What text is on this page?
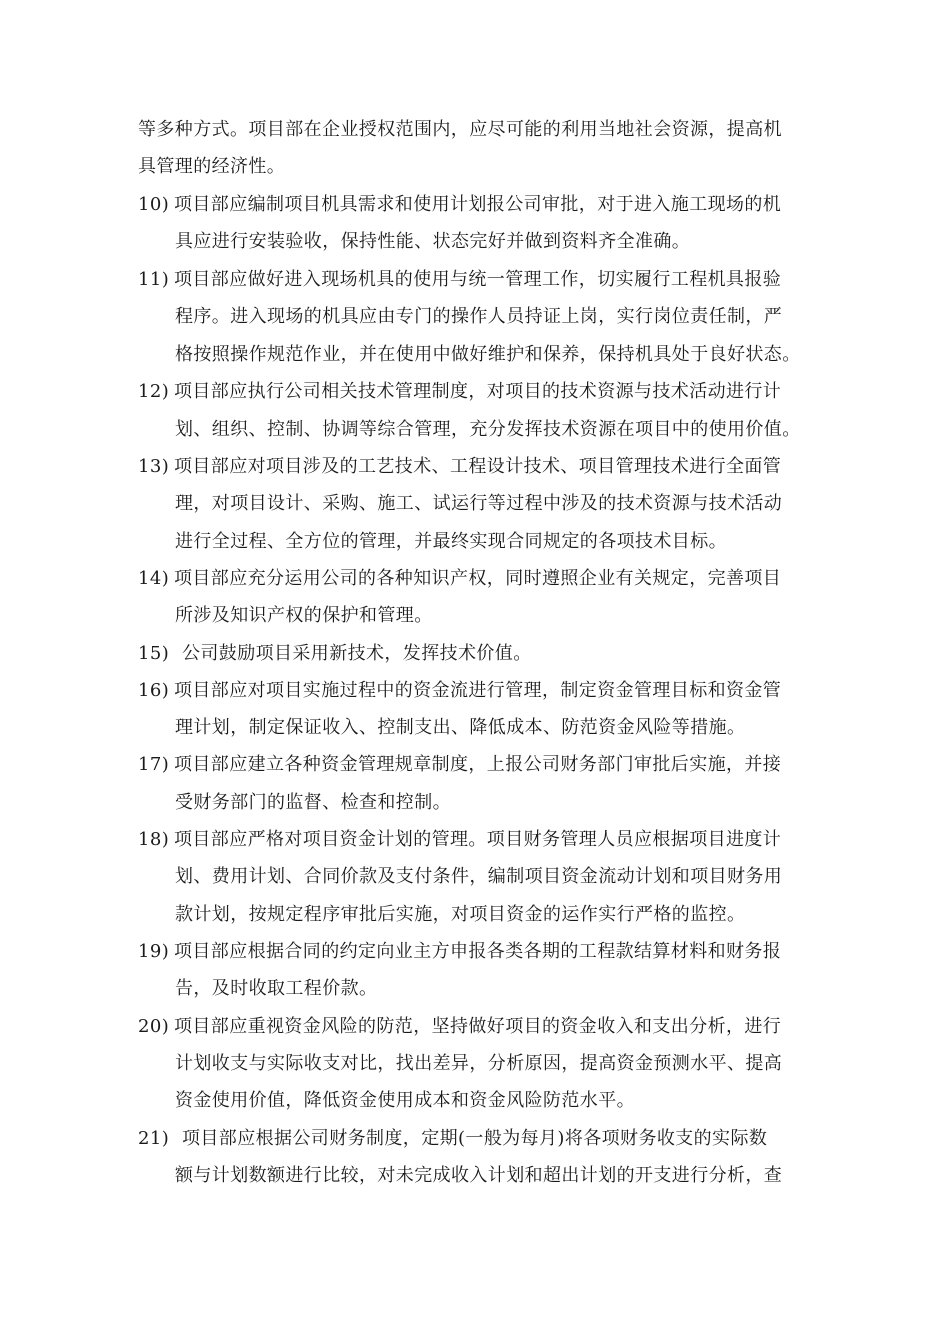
等多种方式。项目部在企业授权范围内，应尽可能的利用当地社会资源，提高机
具管理的经济性。
10) 项目部应编制项目机具需求和使用计划报公司审批，对于进入施工现场的机
具应进行安装验收，保持性能、状态完好并做到资料齐全准确。
11) 项目部应做好进入现场机具的使用与统一管理工作，切实履行工程机具报验
程序。进入现场的机具应由专门的操作人员持证上岗，实行岗位责任制，严
格按照操作规范作业，并在使用中做好维护和保养，保持机具处于良好状态。
12) 项目部应执行公司相关技术管理制度，对项目的技术资源与技术活动进行计
划、组织、控制、协调等综合管理，充分发挥技术资源在项目中的使用价值。
13) 项目部应对项目涉及的工艺技术、工程设计技术、项目管理技术进行全面管
理，对项目设计、采购、施工、试运行等过程中涉及的技术资源与技术活动
进行全过程、全方位的管理，并最终实现合同规定的各项技术目标。
14) 项目部应充分运用公司的各种知识产权，同时遵照企业有关规定，完善项目
所涉及知识产权的保护和管理。
15) 公司鼓励项目采用新技术，发挥技术价值。
16) 项目部应对项目实施过程中的资金流进行管理，制定资金管理目标和资金管
理计划，制定保证收入、控制支出、降低成本、防范资金风险等措施。
17) 项目部应建立各种资金管理规章制度，上报公司财务部门审批后实施，并接
受财务部门的监督、检查和控制。
18) 项目部应严格对项目资金计划的管理。项目财务管理人员应根据项目进度计
划、费用计划、合同价款及支付条件，编制项目资金流动计划和项目财务用
款计划，按规定程序审批后实施，对项目资金的运作实行严格的监控。
19) 项目部应根据合同的约定向业主方申报各类各期的工程款结算材料和财务报
告，及时收取工程价款。
20) 项目部应重视资金风险的防范，坚持做好项目的资金收入和支出分析，进行
计划收支与实际收支对比，找出差异，分析原因，提高资金预测水平、提高
资金使用价值，降低资金使用成本和资金风险防范水平。
21) 项目部应根据公司财务制度，定期(一般为每月)将各项财务收支的实际数
额与计划数额进行比较，对未完成收入计划和超出计划的开支进行分析，查
